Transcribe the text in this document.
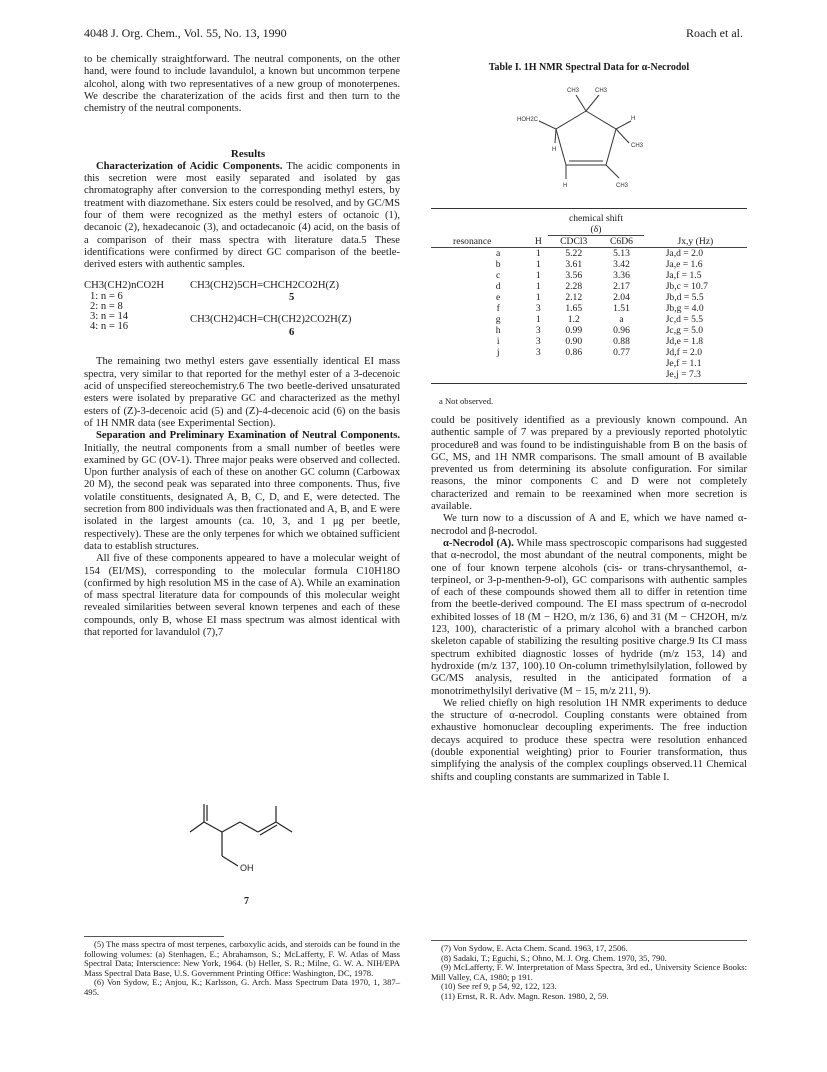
4048 J. Org. Chem., Vol. 55, No. 13, 1990	Roach et al.

to be chemically straightforward. The neutral components, on the other hand, were found to include lavandulol, a known but uncommon terpene alcohol, along with two representatives of a new group of monoterpenes. We describe the charaterization of the acids first and then turn to the chemistry of the neutral components.

Results

Characterization of Acidic Components. The acidic components in this secretion were most easily separated and isolated by gas chromatography after conversion to the corresponding methyl esters, by treatment with diazomethane. Six esters could be resolved, and by GC/MS four of them were recognized as the methyl esters of octanoic (1), decanoic (2), hexadecanoic (3), and octadecanoic (4) acid, on the basis of a comparison of their mass spectra with literature data.5 These identifications were confirmed by direct GC comparison of the beetle-derived esters with authentic samples.

CH3(CH2)nCO2H
1: n = 6
2: n = 8
3: n = 14
4: n = 16
CH3(CH2)5CH=CHCH2CO2H(Z)
5
CH3(CH2)4CH=CH(CH2)2CO2H(Z)
6

The remaining two methyl esters gave essentially identical EI mass spectra, very similar to that reported for the methyl ester of a 3-decenoic acid of unspecified stereochemistry.6 The two beetle-derived unsaturated esters were isolated by preparative GC and characterized as the methyl esters of (Z)-3-decenoic acid (5) and (Z)-4-decenoic acid (6) on the basis of 1H NMR data (see Experimental Section).

Separation and Preliminary Examination of Neutral Components. Initially, the neutral components from a small number of beetles were examined by GC (OV-1). Three major peaks were observed and collected. Upon further analysis of each of these on another GC column (Carbowax 20 M), the second peak was separated into three components. Thus, five volatile constituents, designated A, B, C, D, and E, were detected. The secretion from 800 individuals was then fractionated and A, B, and E were isolated in the largest amounts (ca. 10, 3, and 1 μg per beetle, respectively). These are the only terpenes for which we obtained sufficient data to establish structures.

All five of these components appeared to have a molecular weight of 154 (EI/MS), corresponding to the molecular formula C10H18O (confirmed by high resolution MS in the case of A). While an examination of mass spectral literature data for compounds of this molecular weight revealed similarities between several known terpenes and each of these compounds, only B, whose EI mass spectrum was almost identical with that reported for lavandulol (7),7

OH
7

(5) The mass spectra of most terpenes, carboxylic acids, and steroids can be found in the following volumes: (a) Stenhagen, E.; Abrahamson, S.; McLafferty, F. W. Atlas of Mass Spectral Data; Interscience: New York, 1964. (b) Heller, S. R.; Milne, G. W. A. NIH/EPA Mass Spectral Data Base, U.S. Government Printing Office: Washington, DC, 1978.

(6) Von Sydow, E.; Anjou, K.; Karlsson, G. Arch. Mass Spectrum Data 1970, 1, 387–495.

Table I. 1H NMR Spectral Data for α-Necrodol
CH3	CH3
HOH2C	H
H
CH3
H	CH3

		chemical shift
(δ)		

resonance	H	CDCl3	C6D6	Jx,y (Hz)
a	1	5.22	5.13	Ja,d = 2.0
b	1	3.61	3.42	Ja,e = 1.6
c	1	3.56	3.36	Ja,f = 1.5
d	1	2.28	2.17	Jb,c = 10.7
e	1	2.12	2.04	Jb,d = 5.5
f	3	1.65	1.51	Jb,g = 4.0
g	1	1.2	a	Jc,d = 5.5
h	3	0.99	0.96	Jc,g = 5.0
i	3	0.90	0.88	Jd,e = 1.8
j	3	0.86	0.77	Jd,f = 2.0
				Je,f = 1.1
				Je,j = 7.3
a Not observed.

could be positively identified as a previously known compound. An authentic sample of 7 was prepared by a previously reported photolytic procedure8 and was found to be indistinguishable from B on the basis of GC, MS, and 1H NMR comparisons. The small amount of B available prevented us from determining its absolute configuration. For similar reasons, the minor components C and D were not completely characterized and remain to be reexamined when more secretion is available.

We turn now to a discussion of A and E, which we have named α-necrodol and β-necrodol.

α-Necrodol (A). While mass spectroscopic comparisons had suggested that α-necrodol, the most abundant of the neutral components, might be one of four known terpene alcohols (cis- or trans-chrysanthemol, α-terpineol, or 3-p-menthen-9-ol), GC comparisons with authentic samples of each of these compounds showed them all to differ in retention time from the beetle-derived compound. The EI mass spectrum of α-necrodol exhibited losses of 18 (M − H2O, m/z 136, 6) and 31 (M − CH2OH, m/z 123, 100), characteristic of a primary alcohol with a branched carbon skeleton capable of stabilizing the resulting positive charge.9 Its CI mass spectrum exhibited diagnostic losses of hydride (m/z 153, 14) and hydroxide (m/z 137, 100).10 On-column trimethylsilylation, followed by GC/MS analysis, resulted in the anticipated formation of a monotrimethylsilyl derivative (M − 15, m/z 211, 9).

We relied chiefly on high resolution 1H NMR experiments to deduce the structure of α-necrodol. Coupling constants were obtained from exhaustive homonuclear decoupling experiments. The free induction decays acquired to produce these spectra were resolution enhanced (double exponential weighting) prior to Fourier transformation, thus simplifying the analysis of the complex couplings observed.11 Chemical shifts and coupling constants are summarized in Table I.

(7) Von Sydow, E. Acta Chem. Scand. 1963, 17, 2506.

(8) Sadaki, T.; Eguchi, S.; Ohno, M. J. Org. Chem. 1970, 35, 790.

(9) McLafferty, F. W. Interpretation of Mass Spectra, 3rd ed., University Science Books: Mill Valley, CA, 1980; p 191.

(10) See ref 9, p 54, 92, 122, 123.

(11) Ernst, R. R. Adv. Magn. Reson. 1980, 2, 59.
